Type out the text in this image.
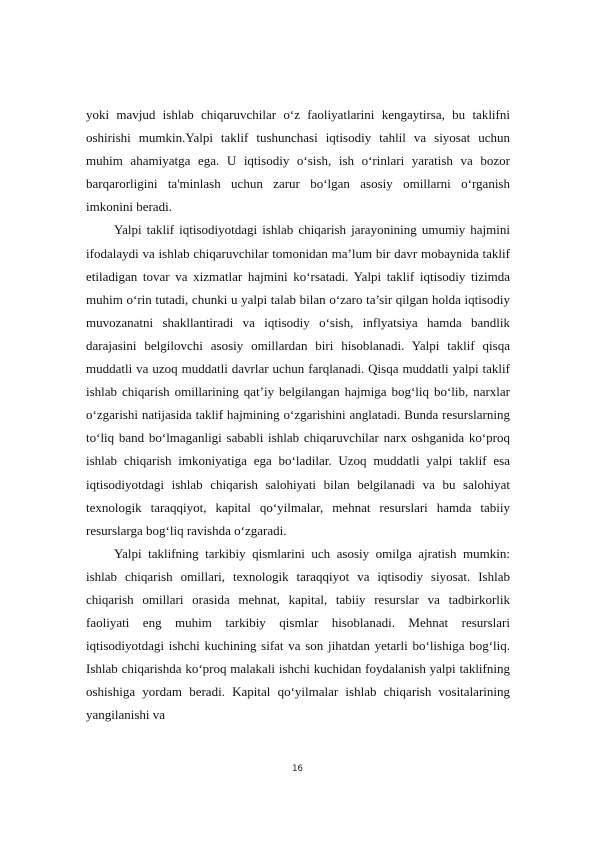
yoki mavjud ishlab chiqaruvchilar o‘z faoliyatlarini kengaytirsa, bu taklifni oshirishi mumkin.Yalpi taklif tushunchasi iqtisodiy tahlil va siyosat uchun muhim ahamiyatga ega. U iqtisodiy o‘sish, ish o‘rinlari yaratish va bozor barqarorligini ta'minlash uchun zarur bo‘lgan asosiy omillarni o‘rganish imkonini beradi.

Yalpi taklif iqtisodiyotdagi ishlab chiqarish jarayonining umumiy hajmini ifodalaydi va ishlab chiqaruvchilar tomonidan ma’lum bir davr mobaynida taklif etiladigan tovar va xizmatlar hajmini ko‘rsatadi. Yalpi taklif iqtisodiy tizimda muhim o‘rin tutadi, chunki u yalpi talab bilan o‘zaro ta’sir qilgan holda iqtisodiy muvozanatni shakllantiradi va iqtisodiy o‘sish, inflyatsiya hamda bandlik darajasini belgilovchi asosiy omillardan biri hisoblanadi. Yalpi taklif qisqa muddatli va uzoq muddatli davrlar uchun farqlanadi. Qisqa muddatli yalpi taklif ishlab chiqarish omillarining qat’iy belgilangan hajmiga bog‘liq bo‘lib, narxlar o‘zgarishi natijasida taklif hajmining o‘zgarishini anglatadi. Bunda resurslarning to‘liq band bo‘lmaganligi sababli ishlab chiqaruvchilar narx oshganida ko‘proq ishlab chiqarish imkoniyatiga ega bo‘ladilar. Uzoq muddatli yalpi taklif esa iqtisodiyotdagi ishlab chiqarish salohiyati bilan belgilanadi va bu salohiyat texnologik taraqqiyot, kapital qo‘yilmalar, mehnat resurslari hamda tabiiy resurslarga bog‘liq ravishda o‘zgaradi.

Yalpi taklifning tarkibiy qismlarini uch asosiy omilga ajratish mumkin: ishlab chiqarish omillari, texnologik taraqqiyot va iqtisodiy siyosat. Ishlab chiqarish omillari orasida mehnat, kapital, tabiiy resurslar va tadbirkorlik faoliyati eng muhim tarkibiy qismlar hisoblanadi. Mehnat resurslari iqtisodiyotdagi ishchi kuchining sifat va son jihatdan yetarli bo‘lishiga bog‘liq. Ishlab chiqarishda ko‘proq malakali ishchi kuchidan foydalanish yalpi taklifning oshishiga yordam beradi. Kapital qo‘yilmalar ishlab chiqarish vositalarining yangilanishi va

16
